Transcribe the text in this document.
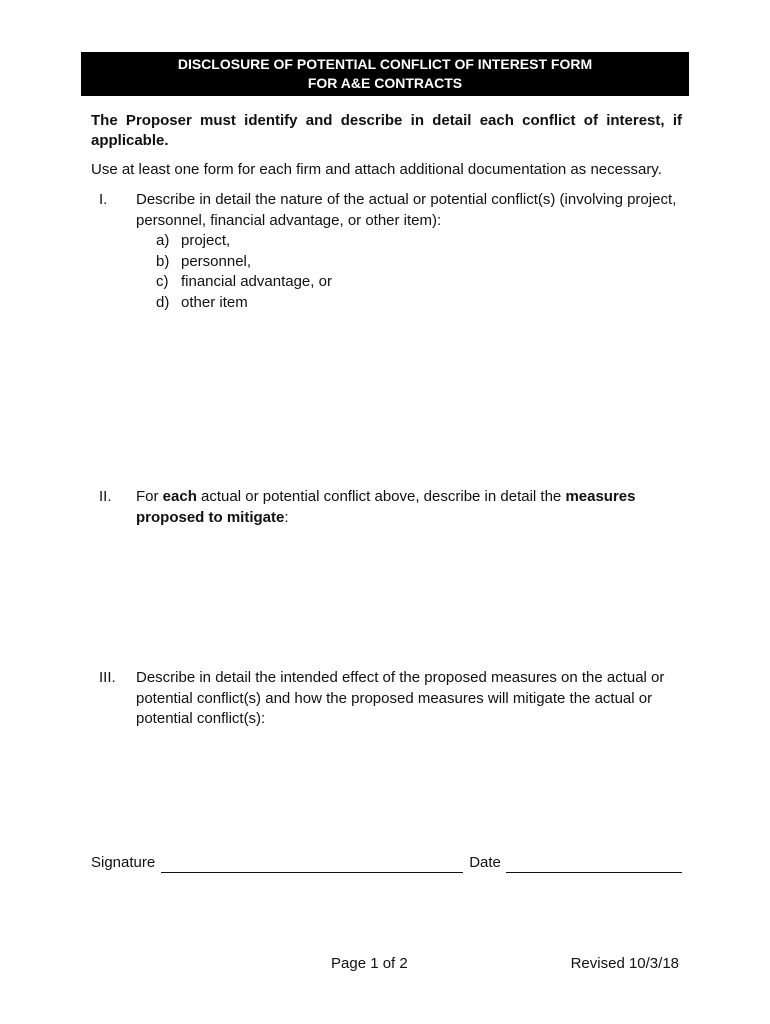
DISCLOSURE OF POTENTIAL CONFLICT OF INTEREST FORM
FOR A&E CONTRACTS
The Proposer must identify and describe in detail each conflict of interest, if applicable.
Use at least one form for each firm and attach additional documentation as necessary.
I. Describe in detail the nature of the actual or potential conflict(s) (involving project, personnel, financial advantage, or other item):
a) project,
b) personnel,
c) financial advantage, or
d) other item
II. For each actual or potential conflict above, describe in detail the measures proposed to mitigate:
III. Describe in detail the intended effect of the proposed measures on the actual or potential conflict(s) and how the proposed measures will mitigate the actual or potential conflict(s):
Signature	Date
Page 1 of 2	Revised 10/3/18
